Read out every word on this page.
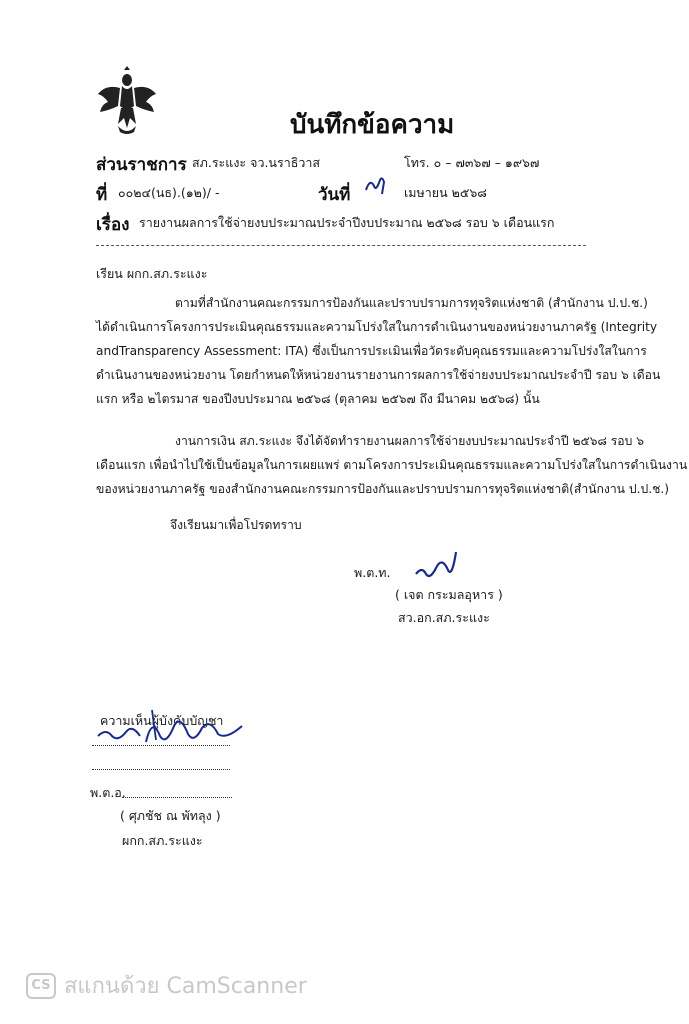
บันทึกข้อความ
ส่วนราชการ สภ.ระแงะ จว.นราธิวาส	โทร. ๐ – ๗๓๖๗ – ๑๙๖๗
ที่ ๐๐๒๔(นธ).(๑๒)/ -	วันที่	เมษายน ๒๕๖๘
เรื่อง รายงานผลการใช้จ่ายงบประมาณประจำปีงบประมาณ ๒๕๖๘ รอบ ๖ เดือนแรก
เรียน ผกก.สภ.ระแงะ
ตามที่สำนักงานคณะกรรมการป้องกันและปราบปรามการทุจริตแห่งชาติ (สำนักงาน ป.ป.ช.)
ได้ดำเนินการโครงการประเมินคุณธรรมและความโปร่งใสในการดำเนินงานของหน่วยงานภาครัฐ (Integrity
andTransparency Assessment: ITA) ซึ่งเป็นการประเมินเพื่อวัดระดับคุณธรรมและความโปร่งใสในการ
ดำเนินงานของหน่วยงาน โดยกำหนดให้หน่วยงานรายงานการผลการใช้จ่ายงบประมาณประจำปี รอบ ๖ เดือน
แรก หรือ ๒ไตรมาส ของปีงบประมาณ ๒๕๖๘ (ตุลาคม ๒๕๖๗ ถึง มีนาคม ๒๕๖๘) นั้น
งานการเงิน สภ.ระแงะ จึงได้จัดทำรายงานผลการใช้จ่ายงบประมาณประจำปี ๒๕๖๘ รอบ ๖
เดือนแรก เพื่อนำไปใช้เป็นข้อมูลในการเผยแพร่ ตามโครงการประเมินคุณธรรมและความโปร่งใสในการดำเนินงาน
ของหน่วยงานภาครัฐ ของสำนักงานคณะกรรมการป้องกันและปราบปรามการทุจริตแห่งชาติ(สำนักงาน ป.ป.ช.)
จึงเรียนมาเพื่อโปรดทราบ
พ.ต.ท.
( เจต กระมลอุหาร )
สว.อก.สภ.ระแงะ
ความเห็นผู้บังคับบัญชา
พ.ต.อ.
( ศุภชัช ณ พัทลุง )
ผกก.สภ.ระแงะ
CS สแกนด้วย CamScanner
